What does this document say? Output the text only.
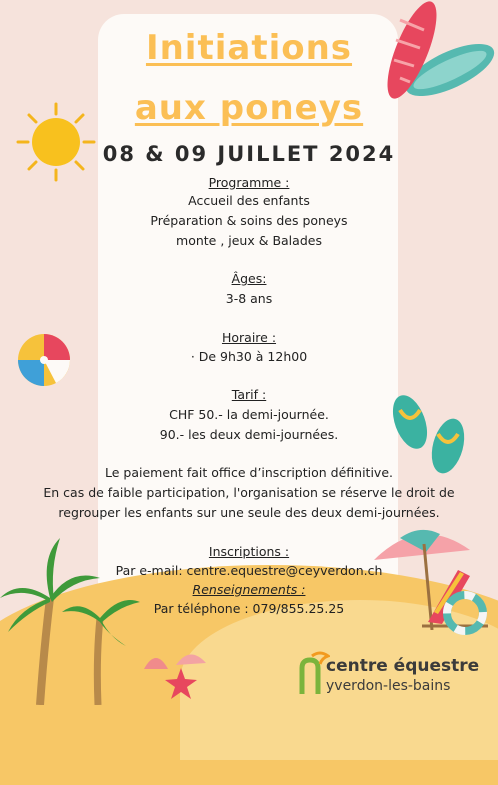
Initiations
aux poneys
08 & 09 JUILLET 2024
Programme :
Accueil des enfants
Préparation & soins des poneys
monte , jeux & Balades
Âges:
3-8 ans
Horaire :
· De 9h30 à 12h00
Tarif :
CHF 50.- la demi-journée.
90.- les deux demi-journées.
Le paiement fait office d’inscription définitive.
En cas de faible participation, l'organisation se réserve le droit de
regrouper les enfants sur une seule des deux demi-journées.
Inscriptions :
Par e-mail: centre.equestre@ceyverdon.ch
Renseignements :
Par téléphone : 079/855.25.25
centre équestre
yverdon-les-bains
